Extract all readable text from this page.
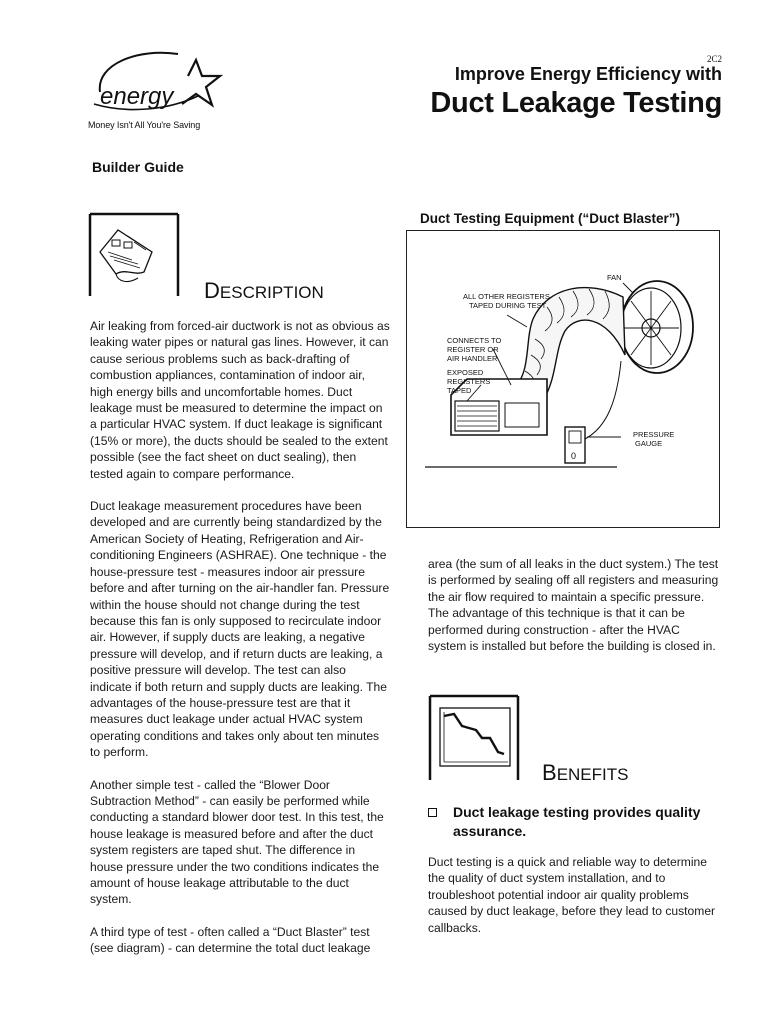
energy
Money Isn't All You're Saving
2C2
Improve Energy Efficiency with
Duct Leakage Testing
Builder Guide
DESCRIPTION

Air leaking from forced-air ductwork is not as obvious as leaking water pipes or natural gas lines. However, it can cause serious problems such as back-drafting of combustion appliances, contamination of indoor air, high energy bills and uncomfortable homes. Duct leakage must be measured to determine the impact on a particular HVAC system. If duct leakage is significant (15% or more), the ducts should be sealed to the extent possible (see the fact sheet on duct sealing), then tested again to compare performance.

Duct leakage measurement procedures have been developed and are currently being standardized by the American Society of Heating, Refrigeration and Air-conditioning Engineers (ASHRAE). One technique - the house-pressure test - measures indoor air pressure before and after turning on the air-handler fan. Pressure within the house should not change during the test because this fan is only supposed to recirculate indoor air. However, if supply ducts are leaking, a negative pressure will develop, and if return ducts are leaking, a positive pressure will develop. The test can also indicate if both return and supply ducts are leaking. The advantages of the house-pressure test are that it measures duct leakage under actual HVAC system operating conditions and takes only about ten minutes to perform.

Another simple test - called the “Blower Door Subtraction Method” - can easily be performed while conducting a standard blower door test. In this test, the house leakage is measured before and after the duct system registers are taped shut. The difference in house pressure under the two conditions indicates the amount of house leakage attributable to the duct system.

A third type of test - often called a “Duct Blaster” test (see diagram) - can determine the total duct leakage

Duct Testing Equipment (“Duct Blaster”)
0
FAN
ALL OTHER REGISTERS
TAPED DURING TEST
CONNECTS TO
REGISTER OR
AIR HANDLER
EXPOSED
REGISTERS
TAPED
PRESSURE
GAUGE
area (the sum of all leaks in the duct system.) The test is performed by sealing off all registers and measuring the air flow required to maintain a specific pressure. The advantage of this technique is that it can be performed during construction - after the HVAC system is installed but before the building is closed in.
BENEFITS
Duct leakage testing provides quality assurance.
Duct testing is a quick and reliable way to determine the quality of duct system installation, and to troubleshoot potential indoor air quality problems caused by duct leakage, before they lead to customer callbacks.
